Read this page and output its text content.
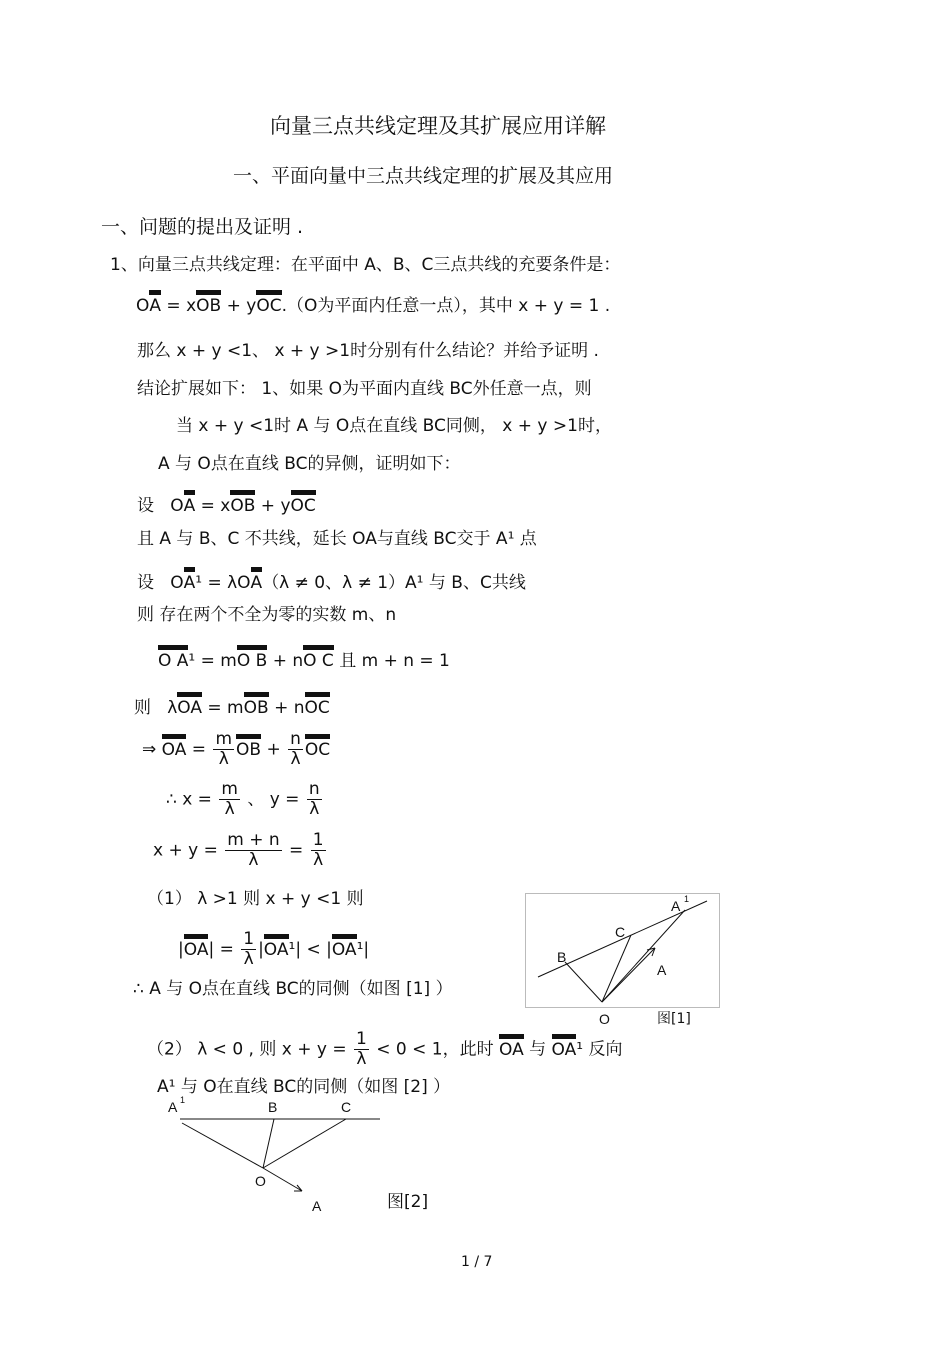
向量三点共线定理及其扩展应用详解
一、平面向量中三点共线定理的扩展及其应用
一、问题的提出及证明 .
1、向量三点共线定理：在平面中 A、B、C三点共线的充要条件是：
OA = xOB + yOC.（O为平面内任意一点），其中 x + y = 1 .
那么 x + y <1、 x + y >1时分别有什么结论？并给予证明 .
结论扩展如下： 1、如果 O为平面内直线 BC外任意一点，则
当 x + y <1时 A 与 O点在直线 BC同侧， x + y >1时，
A 与 O点在直线 BC的异侧，证明如下：
设   OA = xOB + yOC
且 A 与 B、C 不共线，延长 OA与直线 BC交于 A¹ 点
设   OA¹ = λOA（λ ≠ 0、λ ≠ 1）A¹ 与 B、C共线
则 存在两个不全为零的实数 m、n
O A¹ = mO B + nO C 且 m + n = 1
则   λOA = mOB + nOC
⇒ OA = $\frac{m}{\lambda}$ OB + $\frac{n}{\lambda}$ OC
∴ $x = \frac{m}{\lambda}$ 、 $y = \frac{n}{\lambda}$
$x + y = \frac{m + n}{\lambda} = \frac{1}{\lambda}$
（1） λ >1 则 x + y <1 则
$|OA| = \frac{1}{\lambda} |OA^1| < |OA^1|$
∴ A 与 O点在直线 BC的同侧（如图 [1] ）
（2） λ < 0 , 则 $x + y = \frac{1}{\lambda} < 0 < 1$，此时 OA 与 OA¹ 反向
A¹ 与 O在直线 BC的同侧（如图 [2] ）
A 1
C
B
A
O	图[1]
A 1	B	C
O
A	图[2]
1 / 7
